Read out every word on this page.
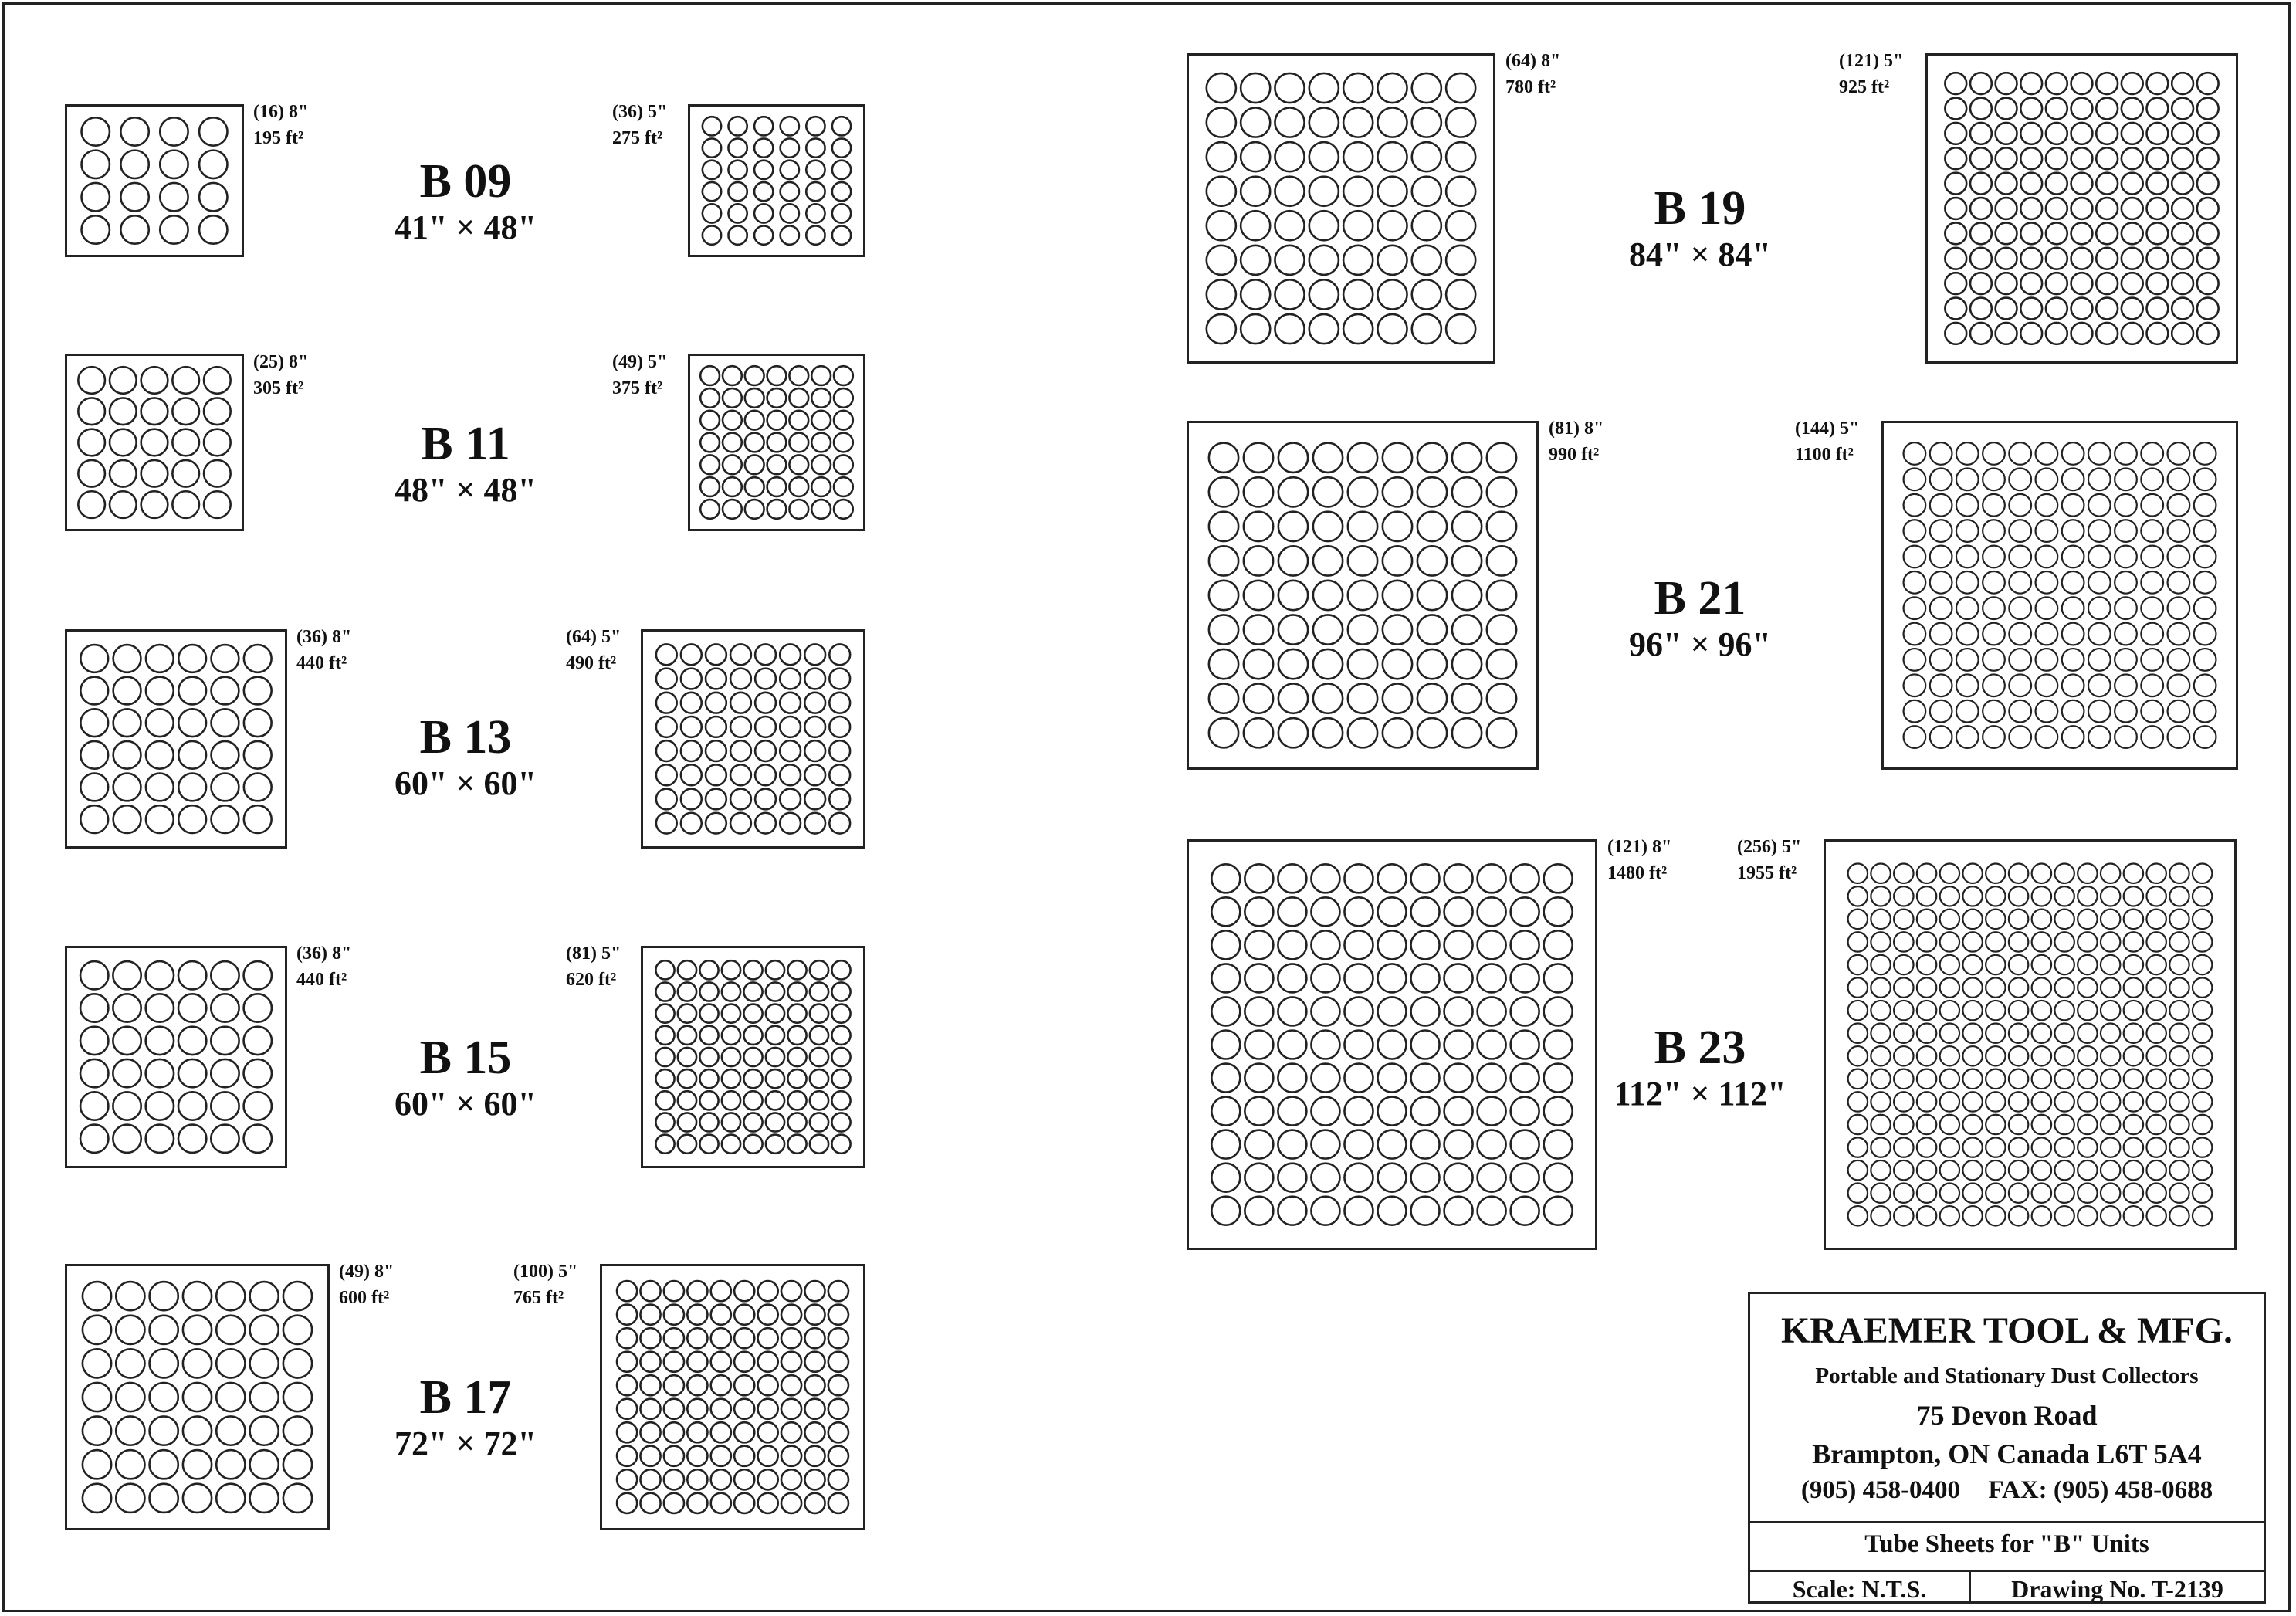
(16) 8"
195 ft²
(36) 5"
275 ft²
B 09
41" × 48"
(25) 8"
305 ft²
(49) 5"
375 ft²
B 11
48" × 48"
(36) 8"
440 ft²
(64) 5"
490 ft²
B 13
60" × 60"
(36) 8"
440 ft²
(81) 5"
620 ft²
B 15
60" × 60"
(49) 8"
600 ft²
(100) 5"
765 ft²
B 17
72" × 72"
(64) 8"
780 ft²
(121) 5"
925 ft²
B 19
84" × 84"
(81) 8"
990 ft²
(144) 5"
1100 ft²
B 21
96" × 96"
(121) 8"
1480 ft²
(256) 5"
1955 ft²
B 23
112" × 112"
KRAEMER TOOL & MFG.
Portable and Stationary Dust Collectors
75 Devon Road
Brampton, ON Canada L6T 5A4
(905) 458-0400 FAX: (905) 458-0688
Tube Sheets for "B" Units
Scale: N.T.S.	Drawing No. T-2139
